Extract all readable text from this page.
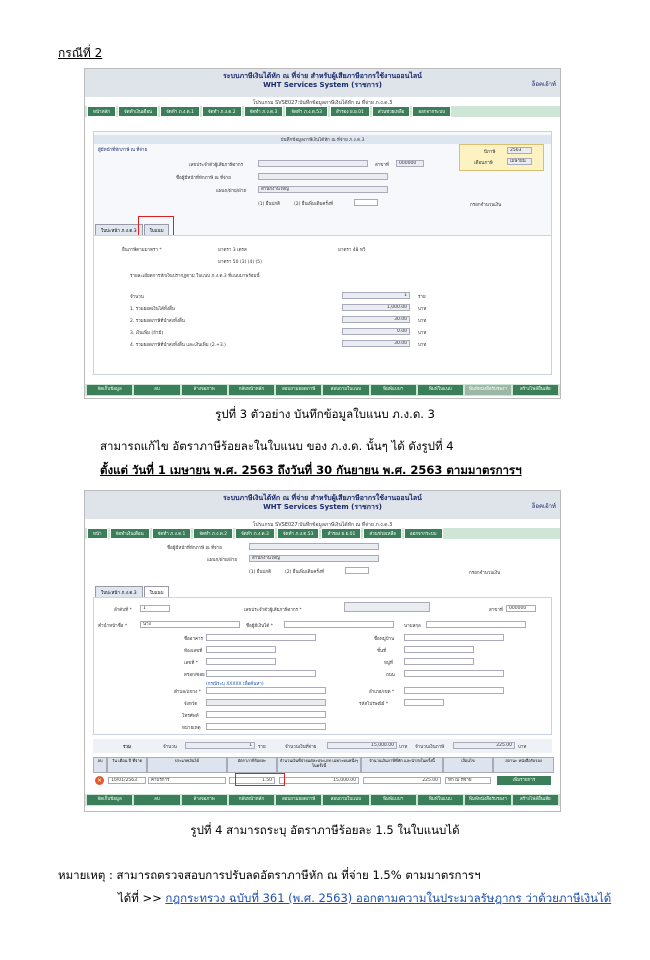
กรณีที่ 2
ระบบภาษีเงินได้หัก ณ ที่จ่าย สำหรับผู้เสียภาษีอากรใช้งานออนไลน์
WHT Services System (ราชการ)	ล็อคเอ้าท์
โปรแกรม SVSE027:บันทึกข้อมูลภาษีเงินได้หัก ณ ที่จ่าย ภ.ง.ด.3
หน้าหลัก	จัดทำเงินเดือน	จัดทำ ภ.ง.ด.1	จัดทำ ภ.ง.ด.2	จัดทำ ภ.ง.ด.3	จัดทำ ภ.ง.ด.53	สำรอง ย.ย.01	ส่วนช่วยเหลือ	ออกจากระบบ
บันทึกข้อมูลภาษีเงินได้หัก ณ ที่จ่าย ภ.ง.ด.3
ผู้มีหน้าที่หักภาษี ณ ที่จ่าย
เลขประจำตัวผู้เสียภาษีอากร	สาขาที่	000000
ชื่อผู้มีหน้าที่หักภาษี ณ ที่จ่าย
แผนก/ฝ่าย/ฝ่าย	สำนักงานใหญ่
(1) ยื่นปกติ	(2) ยื่นเพิ่มเติมครั้งที่
ปีภาษี	2563
เดือนภาษี	เมษายน
กรอกจำนวนเงิน
ใบปะหน้า ภ.ง.ด.3	ใบแนบ
ยื่นภาษีตามมาตรา *	มาตรา 3 เตรส	มาตรา 48 ทวิ
มาตรา 50 (3) (4) (5)
รายละเอียดการหักเงินปรากฏตาม ใบแนบ ภ.ง.ด.3 ที่แนบมาพร้อมนี้
จำนวน	1	ราย
1. รวมยอดเงินได้ทั้งสิ้น	1,000.00	บาท
2. รวมยอดภาษีที่นำส่งทั้งสิ้น	30.00	บาท
3. เงินเพิ่ม (ถ้ามี)	0.00	บาท
4. รวมยอดภาษีที่นำส่งทั้งสิ้น และเงินเพิ่ม (2.+3.)	30.00	บาท
จัดเก็บข้อมูล	ลบ	ล้างจอภาพ	กลับหน้าหลัก	สอบถามยอดภาษี	สอบถามใบแนบ	พิมพ์แบบฯ	พิมพ์ใบแนบ	พิมพ์หนังสือรับรองฯ	สร้างไฟล์ยื่นเสีย
รูปที่ 3 ตัวอย่าง บันทึกข้อมูลใบแนบ ภ.ง.ด. 3
สามารถแก้ไข อัตราภาษีร้อยละในใบแนบ ของ ภ.ง.ด. นั้นๆ ได้ ดังรูปที่ 4
ตั้งแต่ วันที่ 1 เมษายน พ.ศ. 2563 ถึงวันที่ 30 กันยายน พ.ศ. 2563 ตามมาตรการฯ
ระบบภาษีเงินได้หัก ณ ที่จ่าย สำหรับผู้เสียภาษีอากรใช้งานออนไลน์
WHT Services System (ราชการ)	ล็อคเอ้าท์
โปรแกรม SVSE027:บันทึกข้อมูลภาษีเงินได้หัก ณ ที่จ่าย ภ.ง.ด.3
หน้า	จัดทำเงินเดือน	จัดทำ ภ.ง.ด.1	จัดทำ ภ.ง.ด.2	จัดทำ ภ.ง.ด.3	จัดทำ ภ.ง.ด.53	สำรอง ย.ย.01	ส่วนช่วยเหลือ	ออกจากระบบ
ชื่อผู้มีหน้าที่หักภาษี ณ ที่จ่าย
แผนก/ฝ่าย/ฝ่าย	สำนักงานใหญ่
(1) ยื่นปกติ	(2) ยื่นเพิ่มเติมครั้งที่	กรอกจำนวนเงิน
ใบปะหน้า ภ.ง.ด.3	ใบแนบ
ลำดับที่ *	1	เลขประจำตัวผู้เสียภาษีอากร *	สาขาที่	000000
คำนำหน้าชื่อ *	นาง	ชื่อผู้มีเงินได้ *	นามสกุล
ชื่ออาคาร	ชื่อหมู่บ้าน
ห้องเลขที่	ชั้นที่
เลขที่ *	หมู่ที่
ตรอก/ซอย	ถนน
(กรณีระบุ XXXXX เพื่อค้นหา)
ตำบล/แขวง *	อำเภอ/เขต *
จังหวัด	รหัสไปรษณีย์ *
โทรศัพท์
หมายเหตุ
รวม	จำนวน	1	ราย	จำนวนเงินที่จ่าย	15,000.00	บาท จำนวนเงินภาษี	225.00	บาท
ลบ	วัน เดือน ปี ที่จ่าย	ประเภทเงินได้	อัตราภาษีร้อยละ	จำนวนเงินที่จ่ายแต่ละประเภท เฉพาะคนหนึ่งๆในครั้งนี้
จำนวนเงินภาษีที่หัก และนำส่งในครั้งนี้	เงื่อนไข	สถานะ หนังสือรับรอง
×	10/01/2563	ค่าบริการ	1.50	15,000.00	225.00	หัก ณ ที่จ่าย	เพิ่มรายการ
จัดเก็บข้อมูล	ลบ	ล้างจอภาพ	กลับหน้าหลัก	สอบถามยอดภาษี	สอบถามใบแนบ	พิมพ์แบบฯ	พิมพ์ใบแนบ	พิมพ์หนังสือรับรองฯ	สร้างไฟล์ยื่นเสีย
รูปที่ 4 สามารถระบุ อัตราภาษีร้อยละ 1.5 ในใบแนบได้
หมายเหตุ : สามารถตรวจสอบการปรับลดอัตราภาษีหัก ณ ที่จ่าย 1.5% ตามมาตรการฯ
ได้ที่ >> กฎกระทรวง ฉบับที่ 361 (พ.ศ. 2563) ออกตามความในประมวลรัษฎากร ว่าด้วยภาษีเงินได้
